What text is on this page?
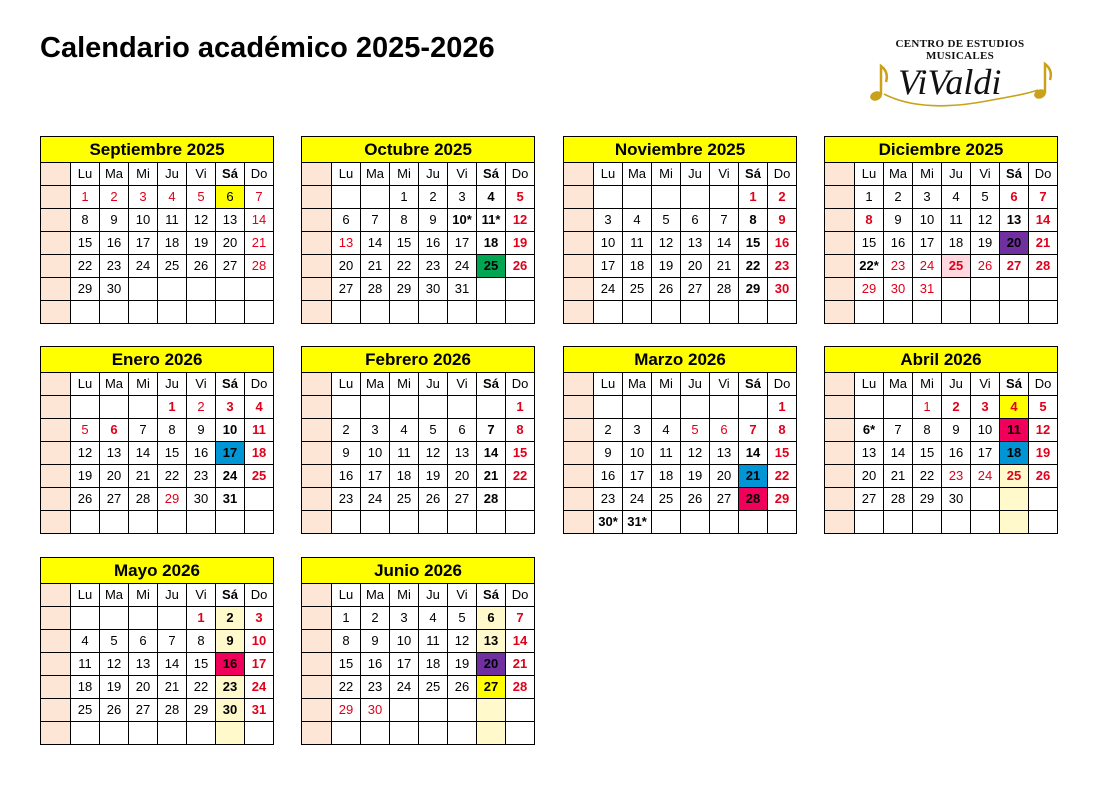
Calendario académico 2025-2026	CENTRO DE ESTUDIOS MUSICALES
ViValdi
Septiembre 2025							
	Lu	Ma	Mi	Ju	Vi	Sá	Do
	1	2	3	4	5	6	7
	8	9	10	11	12	13	14
	15	16	17	18	19	20	21
	22	23	24	25	26	27	28
	29	30					

Octubre 2025							
	Lu	Ma	Mi	Ju	Vi	Sá	Do
			1	2	3	4	5
	6	7	8	9	10*	11*	12
	13	14	15	16	17	18	19
	20	21	22	23	24	25	26
	27	28	29	30	31		

Noviembre 2025							
	Lu	Ma	Mi	Ju	Vi	Sá	Do
						1	2
	3	4	5	6	7	8	9
	10	11	12	13	14	15	16
	17	18	19	20	21	22	23
	24	25	26	27	28	29	30

Diciembre 2025							
	Lu	Ma	Mi	Ju	Vi	Sá	Do
	1	2	3	4	5	6	7
	8	9	10	11	12	13	14
	15	16	17	18	19	20	21
	22*	23	24	25	26	27	28
	29	30	31				

Enero 2026							
	Lu	Ma	Mi	Ju	Vi	Sá	Do
				1	2	3	4
	5	6	7	8	9	10	11
	12	13	14	15	16	17	18
	19	20	21	22	23	24	25
	26	27	28	29	30	31	

Febrero 2026							
	Lu	Ma	Mi	Ju	Vi	Sá	Do
							1
	2	3	4	5	6	7	8
	9	10	11	12	13	14	15
	16	17	18	19	20	21	22
	23	24	25	26	27	28	

Marzo 2026							
	Lu	Ma	Mi	Ju	Vi	Sá	Do
							1
	2	3	4	5	6	7	8
	9	10	11	12	13	14	15
	16	17	18	19	20	21	22
	23	24	25	26	27	28	29
	30*	31*					
Abril 2026							
	Lu	Ma	Mi	Ju	Vi	Sá	Do
			1	2	3	4	5
	6*	7	8	9	10	11	12
	13	14	15	16	17	18	19
	20	21	22	23	24	25	26
	27	28	29	30			

Mayo 2026							
	Lu	Ma	Mi	Ju	Vi	Sá	Do
					1	2	3
	4	5	6	7	8	9	10
	11	12	13	14	15	16	17
	18	19	20	21	22	23	24
	25	26	27	28	29	30	31

Junio 2026							
	Lu	Ma	Mi	Ju	Vi	Sá	Do
	1	2	3	4	5	6	7
	8	9	10	11	12	13	14
	15	16	17	18	19	20	21
	22	23	24	25	26	27	28
	29	30					
